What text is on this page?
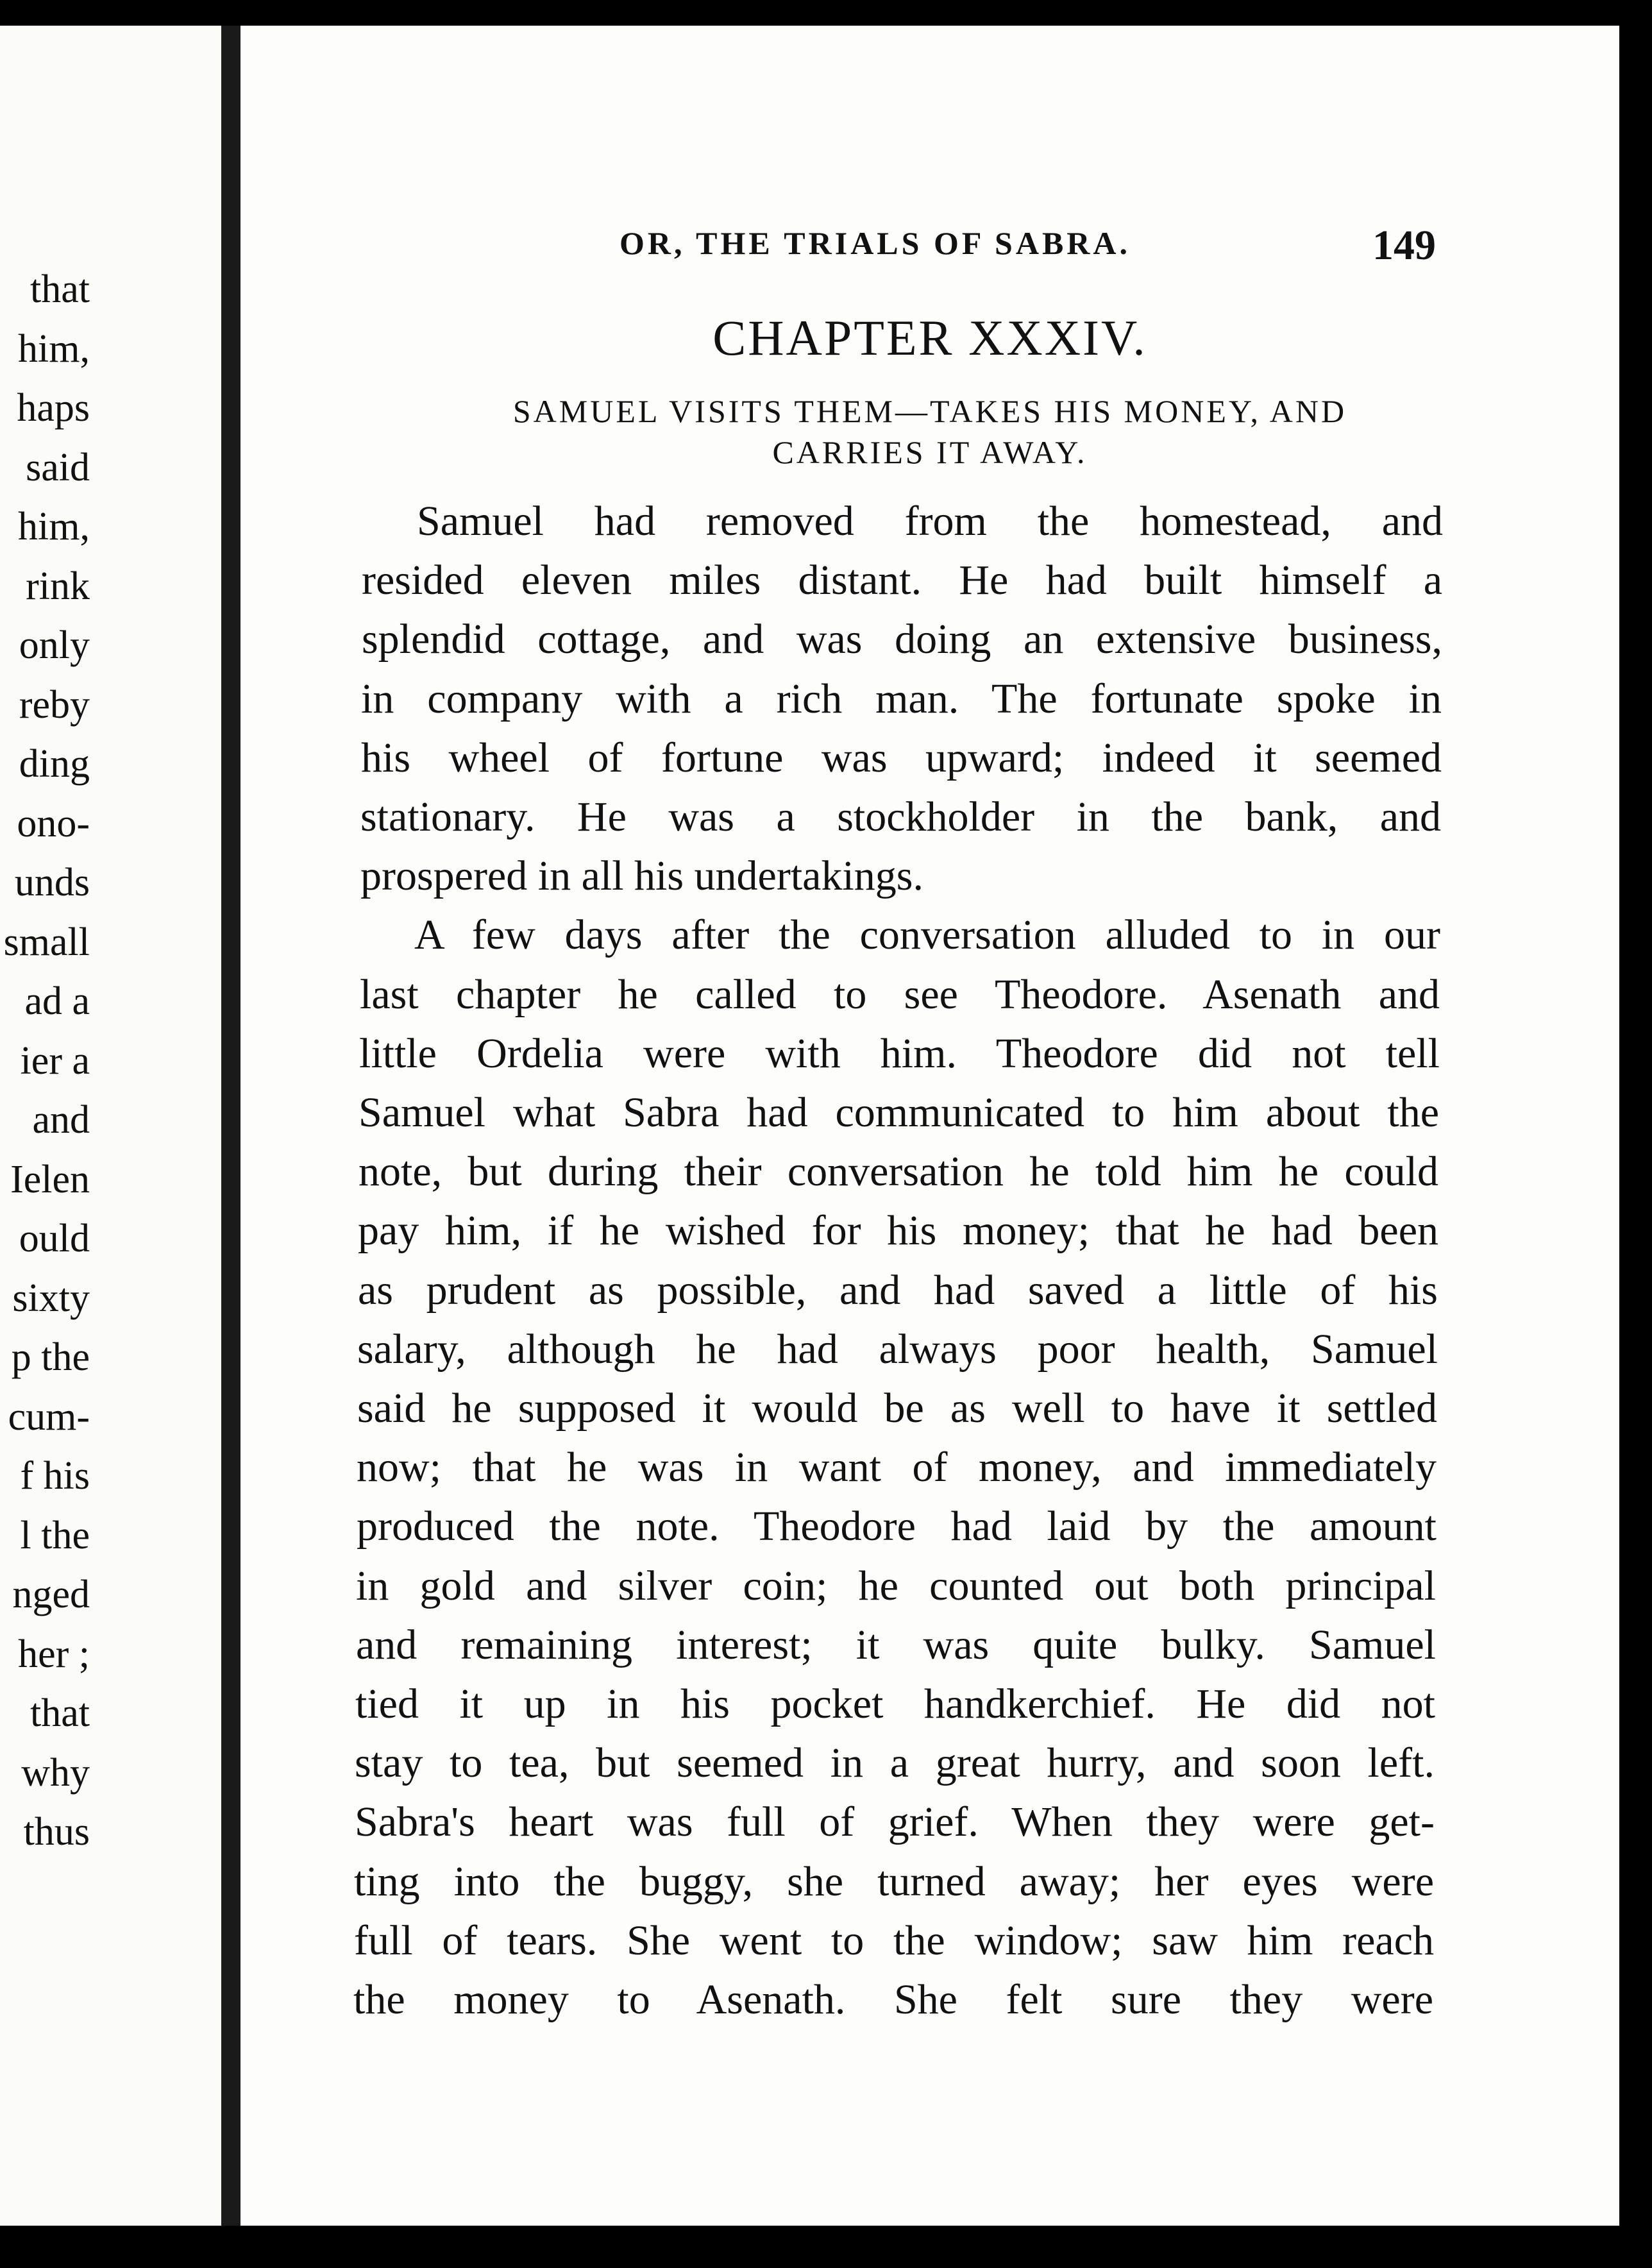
that
him,
haps
said
him,
rink
only
reby
ding
ono-
unds
small
ad a
ier a
and
Ielen
ould
sixty
p the
cum-
f his
l the
nged
her ;
that
why
thus
OR, THE TRIALS OF SABRA.	149
CHAPTER XXXIV.
SAMUEL VISITS THEM—TAKES HIS MONEY, AND
CARRIES IT AWAY.
Samuel had removed from the homestead, and
resided eleven miles distant. He had built himself a
splendid cottage, and was doing an extensive business,
in company with a rich man. The fortunate spoke in
his wheel of fortune was upward; indeed it seemed
stationary. He was a stockholder in the bank, and
prospered in all his undertakings.
A few days after the conversation alluded to in our
last chapter he called to see Theodore. Asenath and
little Ordelia were with him. Theodore did not tell
Samuel what Sabra had communicated to him about the
note, but during their conversation he told him he could
pay him, if he wished for his money; that he had been
as prudent as possible, and had saved a little of his
salary, although he had always poor health, Samuel
said he supposed it would be as well to have it settled
now; that he was in want of money, and immediately
produced the note. Theodore had laid by the amount
in gold and silver coin; he counted out both principal
and remaining interest; it was quite bulky. Samuel
tied it up in his pocket handkerchief. He did not
stay to tea, but seemed in a great hurry, and soon left.
Sabra's heart was full of grief. When they were get-
ting into the buggy, she turned away; her eyes were
full of tears. She went to the window; saw him reach
the money to Asenath. She felt sure they were
